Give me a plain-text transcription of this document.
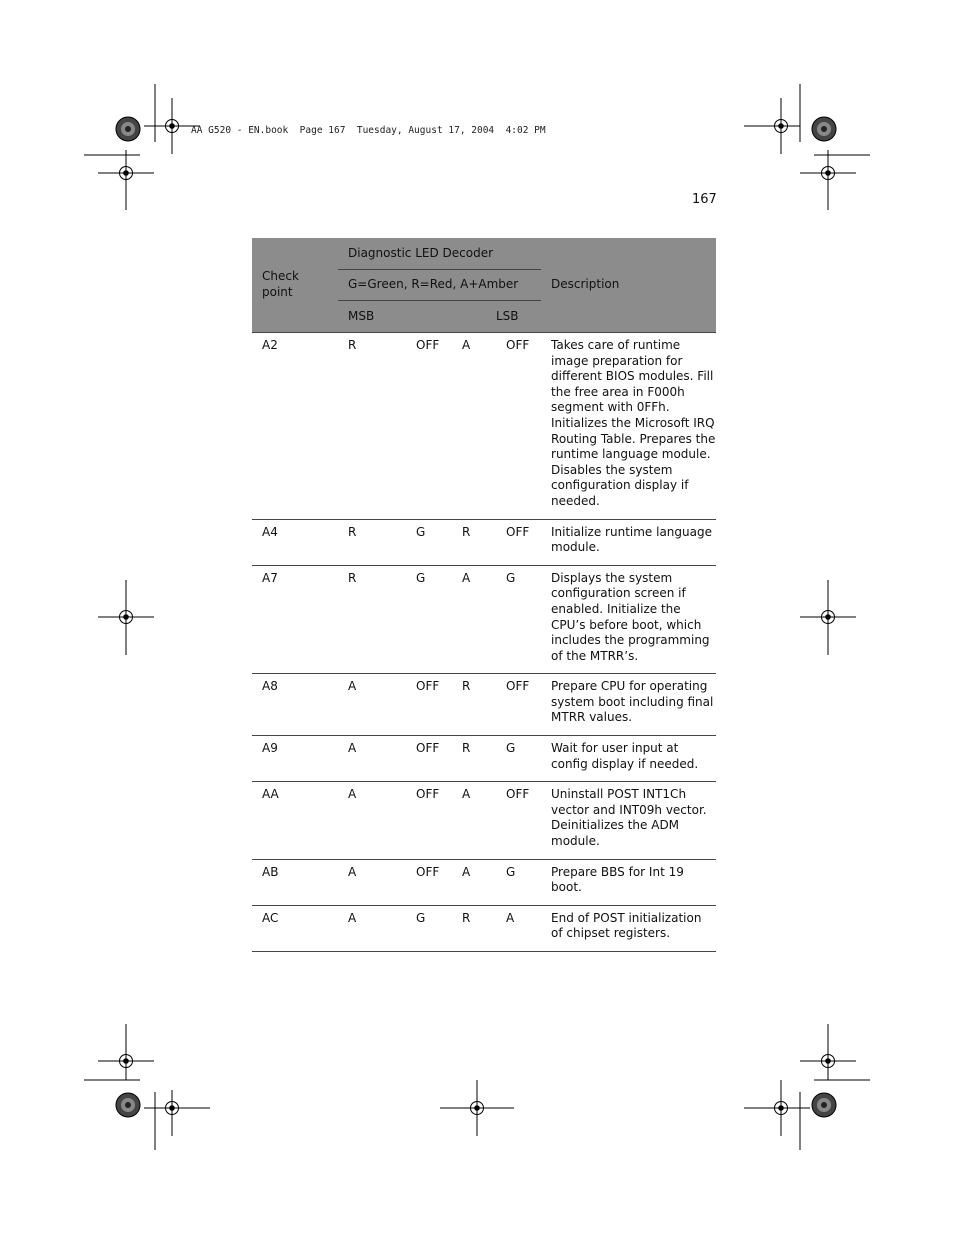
AA G520 - EN.book  Page 167  Tuesday, August 17, 2004  4:02 PM
167
Check
point	Diagnostic LED Decoder				Description
	G=Green, R=Red, A+Amber				
	MSB			LSB	

A2	R	OFF	A	OFF	Takes care of runtime image preparation for different BIOS modules. Fill the free area in F000h segment with 0FFh. Initializes the Microsoft IRQ Routing Table. Prepares the runtime language module. Disables the system configuration display if needed.
A4	R	G	R	OFF	Initialize runtime language module.
A7	R	G	A	G	Displays the system configuration screen if enabled. Initialize the CPU’s before boot, which includes the programming of the MTRR’s.
A8	A	OFF	R	OFF	Prepare CPU for operating system boot including final MTRR values.
A9	A	OFF	R	G	Wait for user input at config display if needed.
AA	A	OFF	A	OFF	Uninstall POST INT1Ch vector and INT09h vector. Deinitializes the ADM module.
AB	A	OFF	A	G	Prepare BBS for Int 19 boot.
AC	A	G	R	A	End of POST initialization of chipset registers.
